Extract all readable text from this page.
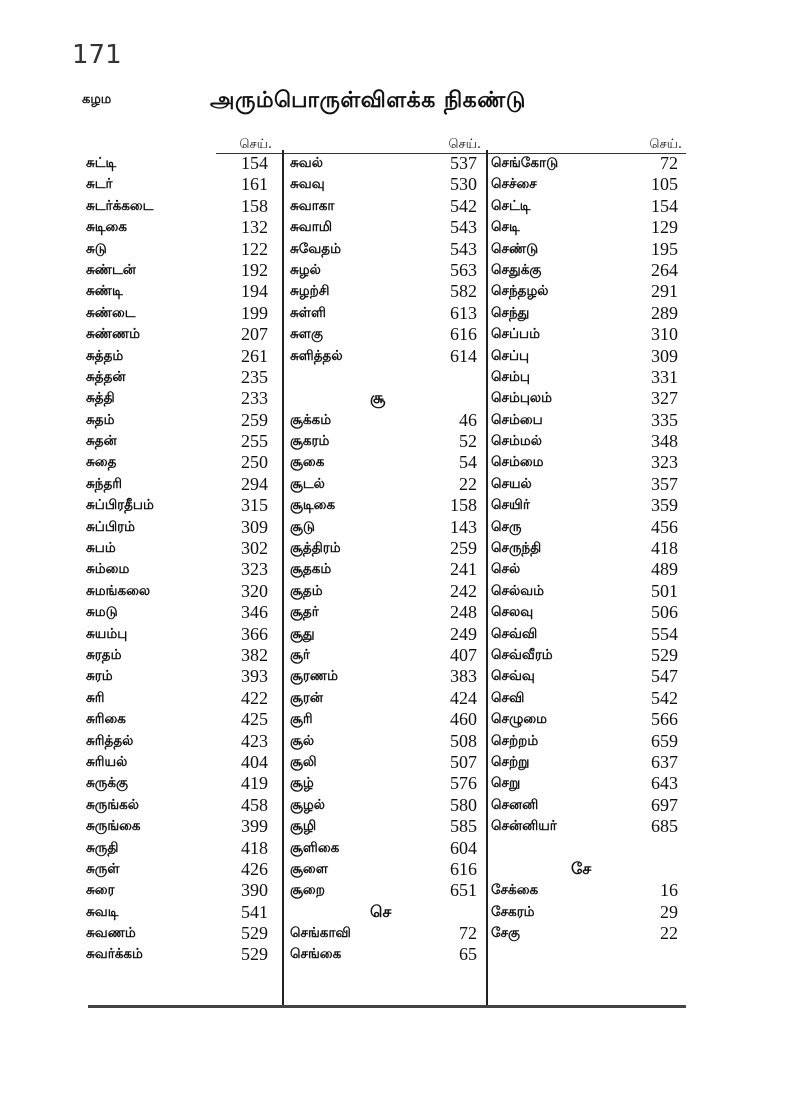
171
கழம	அரும்பொருள்விளக்க நிகண்டு
செய்.
சுட்டி	154
சுடர்	161
சுடர்க்கடை	158
சுடிகை	132
சுடு	122
சுண்டன்	192
சுண்டி	194
சுண்டை	199
சுண்ணம்	207
சுத்தம்	261
சுத்தன்	235
சுத்தி	233
சுதம்	259
சுதன்	255
சுதை	250
சுந்தரி	294
சுப்பிரதீபம்	315
சுப்பிரம்	309
சுபம்	302
சும்மை	323
சுமங்கலை	320
சுமடு	346
சுயம்பு	366
சுரதம்	382
சுரம்	393
சுரி	422
சுரிகை	425
சுரித்தல்	423
சுரியல்	404
சுருக்கு	419
சுருங்கல்	458
சுருங்கை	399
சுருதி	418
சுருள்	426
சுரை	390
சுவடி	541
சுவணம்	529
சுவர்க்கம்	529
செய்.
சுவல்	537
சுவவு	530
சுவாகா	542
சுவாமி	543
சுவேதம்	543
சுழல்	563
சுழற்சி	582
சுள்ளி	613
சுளகு	616
சுளித்தல்	614
சூ
சூக்கம்	46
சூகரம்	52
சூகை	54
சூடல்	22
சூடிகை	158
சூடு	143
சூத்திரம்	259
சூதகம்	241
சூதம்	242
சூதர்	248
சூது	249
சூர்	407
சூரணம்	383
சூரன்	424
சூரி	460
சூல்	508
சூலி	507
சூழ்	576
சூழல்	580
சூழி	585
சூளிகை	604
சூளை	616
சூறை	651
செ
செங்காவி	72
செங்கை	65
செய்.
செங்கோடு	72
செச்சை	105
செட்டி	154
செடி	129
செண்டு	195
செதுக்கு	264
செந்தழல்	291
செந்து	289
செப்பம்	310
செப்பு	309
செம்பு	331
செம்புலம்	327
செம்பை	335
செம்மல்	348
செம்மை	323
செயல்	357
செயிர்	359
செரு	456
செருந்தி	418
செல்	489
செல்வம்	501
செலவு	506
செவ்வி	554
செவ்வீரம்	529
செவ்வு	547
செவி	542
செழுமை	566
செற்றம்	659
செற்று	637
செறு	643
செனனி	697
சென்னியர்	685
சே
சேக்கை	16
சேகரம்	29
சேகு	22
